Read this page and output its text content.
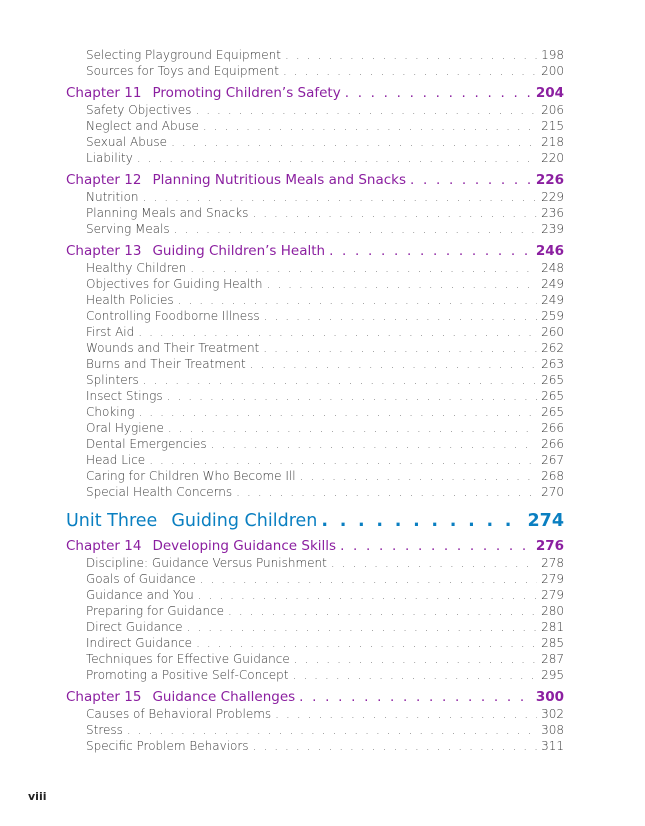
Selecting Playground Equipment . . .	198
Sources for Toys and Equipment . . .	200
Chapter 11 Promoting Children’s Safety . . .	204
Safety Objectives . . .	206
Neglect and Abuse . . .	215
Sexual Abuse . . .	218
Liability . . .	220
Chapter 12 Planning Nutritious Meals and Snacks . . .	226
Nutrition . . .	229
Planning Meals and Snacks . . .	236
Serving Meals . . .	239
Chapter 13 Guiding Children’s Health . . .	246
Healthy Children . . .	248
Objectives for Guiding Health . . .	249
Health Policies . . .	249
Controlling Foodborne Illness . . .	259
First Aid . . .	260
Wounds and Their Treatment . . .	262
Burns and Their Treatment . . .	263
Splinters . . .	265
Insect Stings . . .	265
Choking . . .	265
Oral Hygiene . . .	266
Dental Emergencies . . .	266
Head Lice . . .	267
Caring for Children Who Become Ill . . .	268
Special Health Concerns . . .	270
Unit Three Guiding Children . . .	274
Chapter 14 Developing Guidance Skills . . .	276
Discipline: Guidance Versus Punishment . . .	278
Goals of Guidance . . .	279
Guidance and You . . .	279
Preparing for Guidance . . .	280
Direct Guidance . . .	281
Indirect Guidance . . .	285
Techniques for Effective Guidance . . .	287
Promoting a Positive Self-Concept . . .	295
Chapter 15 Guidance Challenges . . .	300
Causes of Behavioral Problems . . .	302
Stress . . .	308
Specific Problem Behaviors . . .	311
viii
